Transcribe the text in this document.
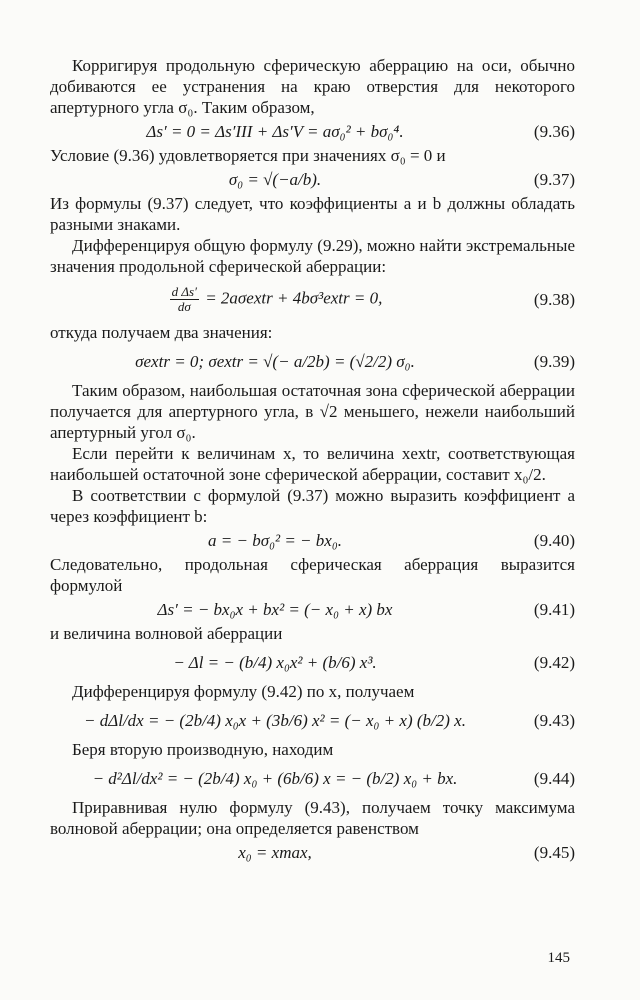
Корригируя продольную сферическую аберрацию на оси, обычно добиваются ее устранения на краю отверстия для некоторого апертурного угла σ₀. Таким образом,

Δs′ = 0 = Δs′III + Δs′V = aσ₀² + bσ₀⁴.	(9.36)

Условие (9.36) удовлетворяется при значениях σ₀ = 0 и

σ₀ = √(−a/b).	(9.37)

Из формулы (9.37) следует, что коэффициенты a и b должны обладать разными знаками.

Дифференцируя общую формулу (9.29), можно найти экстремальные значения продольной сферической аберрации:

$\frac{\text{d Δs′}}{d\sigma}$ = 2aσextr + 4bσ³extr = 0,	(9.38)

откуда получаем два значения:

σextr = 0; σextr = √(− a/2b) = (√2/2) σ₀.	(9.39)

Таким образом, наибольшая остаточная зона сферической аберрации получается для апертурного угла, в √2 меньшего, нежели наибольший апертурный угол σ₀.

Если перейти к величинам x, то величина xextr, соответствующая наибольшей остаточной зоне сферической аберрации, составит x₀/2.

В соответствии с формулой (9.37) можно выразить коэффициент a через коэффициент b:

a = − bσ₀² = − bx₀.	(9.40)

Следовательно, продольная сферическая аберрация выразится формулой

Δs′ = − bx₀x + bx² = (− x₀ + x) bx	(9.41)

и величина волновой аберрации

− Δl = − (b/4) x₀x² + (b/6) x³.	(9.42)

Дифференцируя формулу (9.42) по x, получаем

− dΔl/dx = − (2b/4) x₀x + (3b/6) x² = (− x₀ + x) (b/2) x.	(9.43)

Беря вторую производную, находим

− d²Δl/dx² = − (2b/4) x₀ + (6b/6) x = − (b/2) x₀ + bx.	(9.44)

Приравнивая нулю формулу (9.43), получаем точку максимума волновой аберрации; она определяется равенством

x₀ = xmax,	(9.45)
145
